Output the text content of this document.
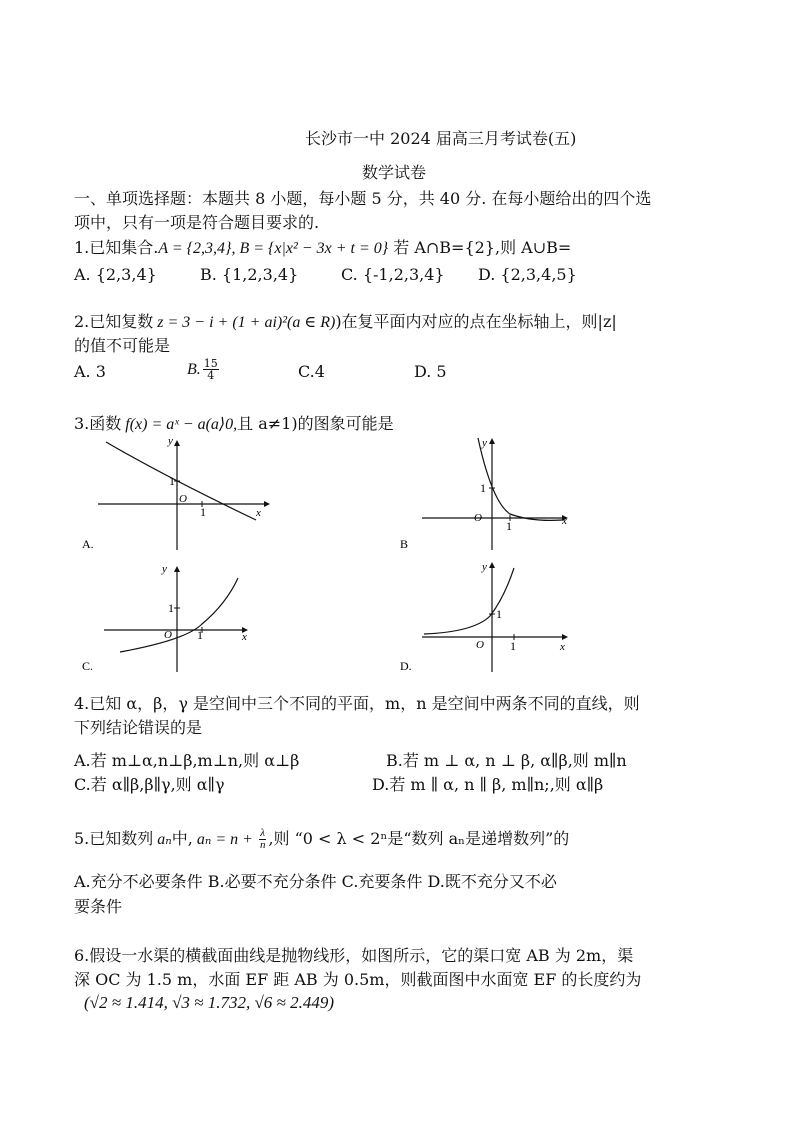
长沙市一中 2024 届高三月考试卷(五)
数学试卷
一、单项选择题：本题共 8 小题，每小题 5 分，共 40 分. 在每小题给出的四个选
项中，只有一项是符合题目要求的.
1.已知集合.A = {2,3,4}, B = {x|x² − 3x + t = 0} 若 A∩B={2},则 A∪B=
A. {2,3,4}	B. {1,2,3,4}	C. {-1,2,3,4} D. {2,3,4,5}
2.已知复数 z = 3 − i + (1 + ai)²(a ∈ R))在复平面内对应的点在坐标轴上，则|z|
的值不可能是
A. 3	B. $\frac{15}{4}$	C.4	D. 5
3.函数 f(x) = aˣ − a(a⟩0,且 a≠1)的图象可能是
y
x
O
1
1
A.
y
x
O
1
1
B
y
x
O
1
1
C.
y
x
O
1
1
D.
4.已知 α，β，γ 是空间中三个不同的平面，m，n 是空间中两条不同的直线，则
下列结论错误的是
A.若 m⊥α,n⊥β,m⊥n,则 α⊥β	B.若 m ⊥ α, n ⊥ β, α∥β,则 m∥n
C.若 α∥β,β∥γ,则 α∥γ	D.若 m ∥ α, n ∥ β, m∥n;,则 α∥β
5.已知数列 aₙ中, $a_n = n + \frac{\lambda}{n}$ ,则 “0 < λ < 2ⁿ是“数列 aₙ是递增数列”的
A.充分不必要条件 B.必要不充分条件 C.充要条件 D.既不充分又不必
要条件
6.假设一水渠的横截面曲线是抛物线形，如图所示，它的渠口宽 AB 为 2m，渠
深 OC 为 1.5 m，水面 EF 距 AB 为 0.5m，则截面图中水面宽 EF 的长度约为
(√2 ≈ 1.414, √3 ≈ 1.732, √6 ≈ 2.449)
